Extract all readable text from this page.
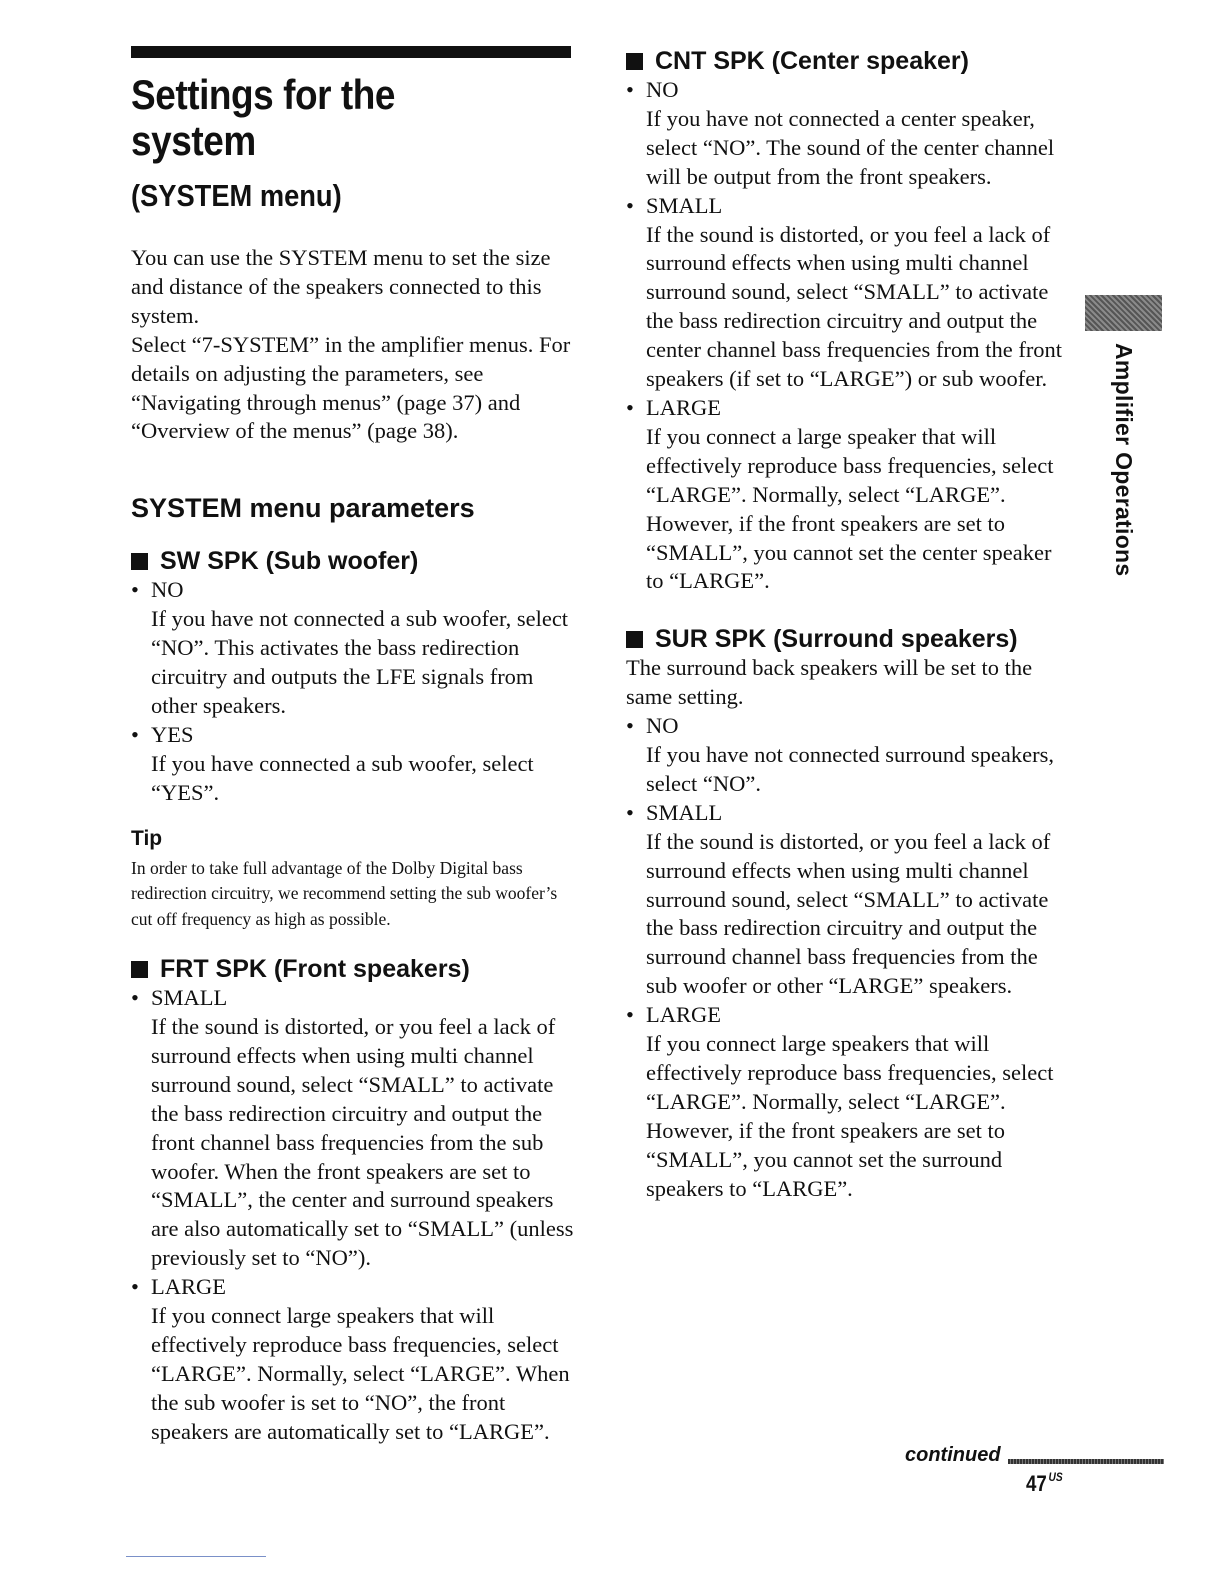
Settings for the system
(SYSTEM menu)

You can use the SYSTEM menu to set the size and distance of the speakers connected to this system.

Select “7-SYSTEM” in the amplifier menus. For details on adjusting the parameters, see “Navigating through menus” (page 37) and “Overview of the menus” (page 38).

SYSTEM menu parameters
SW SPK (Sub woofer)
• NO

If you have not connected a sub woofer, select “NO”. This activates the bass redirection circuitry and outputs the LFE signals from other speakers.

• YES

If you have connected a sub woofer, select “YES”.

Tip

In order to take full advantage of the Dolby Digital bass redirection circuitry, we recommend setting the sub woofer’s cut off frequency as high as possible.

FRT SPK (Front speakers)
• SMALL

If the sound is distorted, or you feel a lack of surround effects when using multi channel surround sound, select “SMALL” to activate the bass redirection circuitry and output the front channel bass frequencies from the sub woofer. When the front speakers are set to “SMALL”, the center and surround speakers are also automatically set to “SMALL” (unless previously set to “NO”).

• LARGE

If you connect large speakers that will effectively reproduce bass frequencies, select “LARGE”. Normally, select “LARGE”. When the sub woofer is set to “NO”, the front speakers are automatically set to “LARGE”.

CNT SPK (Center speaker)
• NO

If you have not connected a center speaker, select “NO”. The sound of the center channel will be output from the front speakers.

• SMALL

If the sound is distorted, or you feel a lack of surround effects when using multi channel surround sound, select “SMALL” to activate the bass redirection circuitry and output the center channel bass frequencies from the front speakers (if set to “LARGE”) or sub woofer.

• LARGE

If you connect a large speaker that will effectively reproduce bass frequencies, select “LARGE”. Normally, select “LARGE”. However, if the front speakers are set to “SMALL”, you cannot set the center speaker to “LARGE”.

SUR SPK (Surround speakers)

The surround back speakers will be set to the same setting.

• NO

If you have not connected surround speakers, select “NO”.

• SMALL

If the sound is distorted, or you feel a lack of surround effects when using multi channel surround sound, select “SMALL” to activate the bass redirection circuitry and output the surround channel bass frequencies from the sub woofer or other “LARGE” speakers.

• LARGE

If you connect large speakers that will effectively reproduce bass frequencies, select “LARGE”. Normally, select “LARGE”. However, if the front speakers are set to “SMALL”, you cannot set the surround speakers to “LARGE”.

Amplifier Operations
continued
47 $^{US}$
